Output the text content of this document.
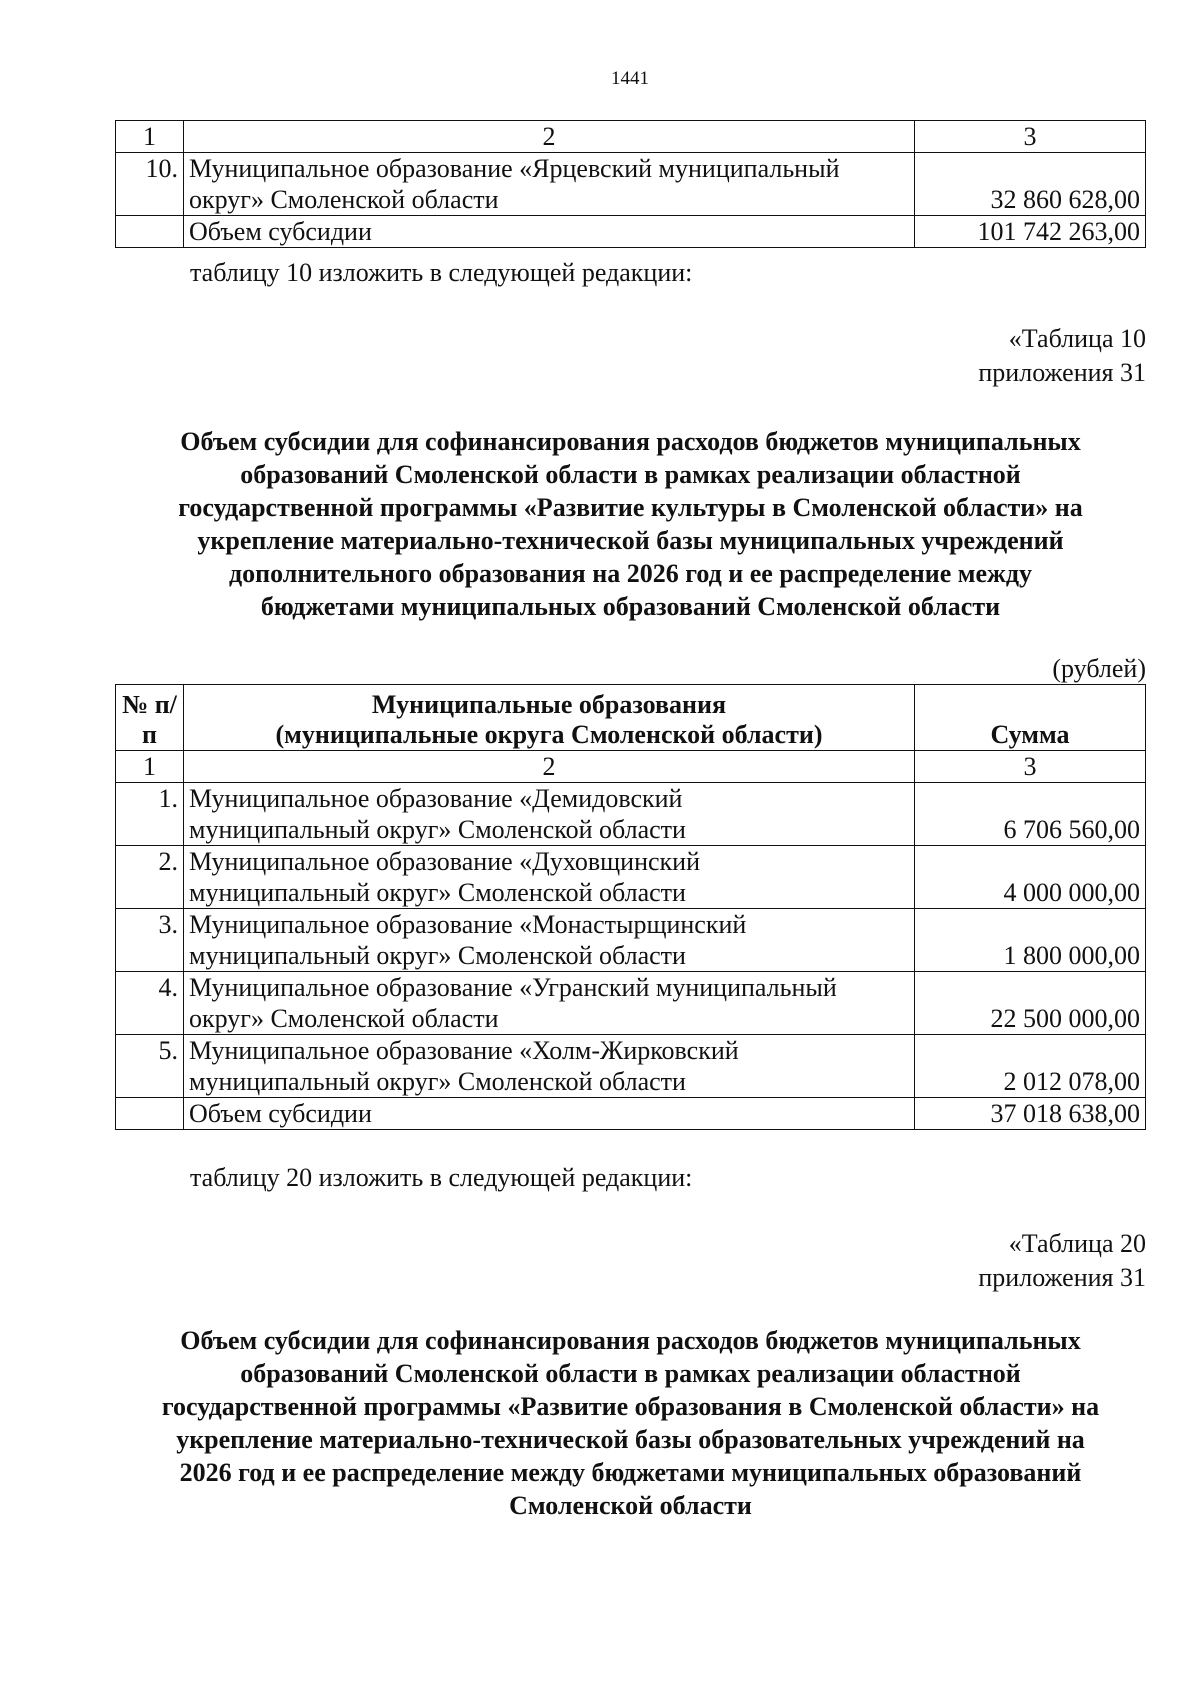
1441
1	2	3
10.	Муниципальное образование «Ярцевский муниципальный
округ» Смоленской области	32 860 628,00
	Объем субсидии	101 742 263,00
таблицу 10 изложить в следующей редакции:
«Таблица 10
приложения 31
Объем субсидии для софинансирования расходов бюджетов муниципальных
образований Смоленской области в рамках реализации областной
государственной программы «Развитие культуры в Смоленской области» на
укрепление материально-технической базы муниципальных учреждений
дополнительного образования на 2026 год и ее распределение между
бюджетами муниципальных образований Смоленской области
(рублей)
№ п/п	Муниципальные образования
(муниципальные округа Смоленской области)	Сумма
1	2	3
1.	Муниципальное образование «Демидовский
муниципальный округ» Смоленской области	6 706 560,00
2.	Муниципальное образование «Духовщинский
муниципальный округ» Смоленской области	4 000 000,00
3.	Муниципальное образование «Монастырщинский
муниципальный округ» Смоленской области	1 800 000,00
4.	Муниципальное образование «Угранский муниципальный
округ» Смоленской области	22 500 000,00
5.	Муниципальное образование «Холм-Жирковский
муниципальный округ» Смоленской области	2 012 078,00
	Объем субсидии	37 018 638,00
таблицу 20 изложить в следующей редакции:
«Таблица 20
приложения 31
Объем субсидии для софинансирования расходов бюджетов муниципальных
образований Смоленской области в рамках реализации областной
государственной программы «Развитие образования в Смоленской области» на
укрепление материально-технической базы образовательных учреждений на
2026 год и ее распределение между бюджетами муниципальных образований
Смоленской области
